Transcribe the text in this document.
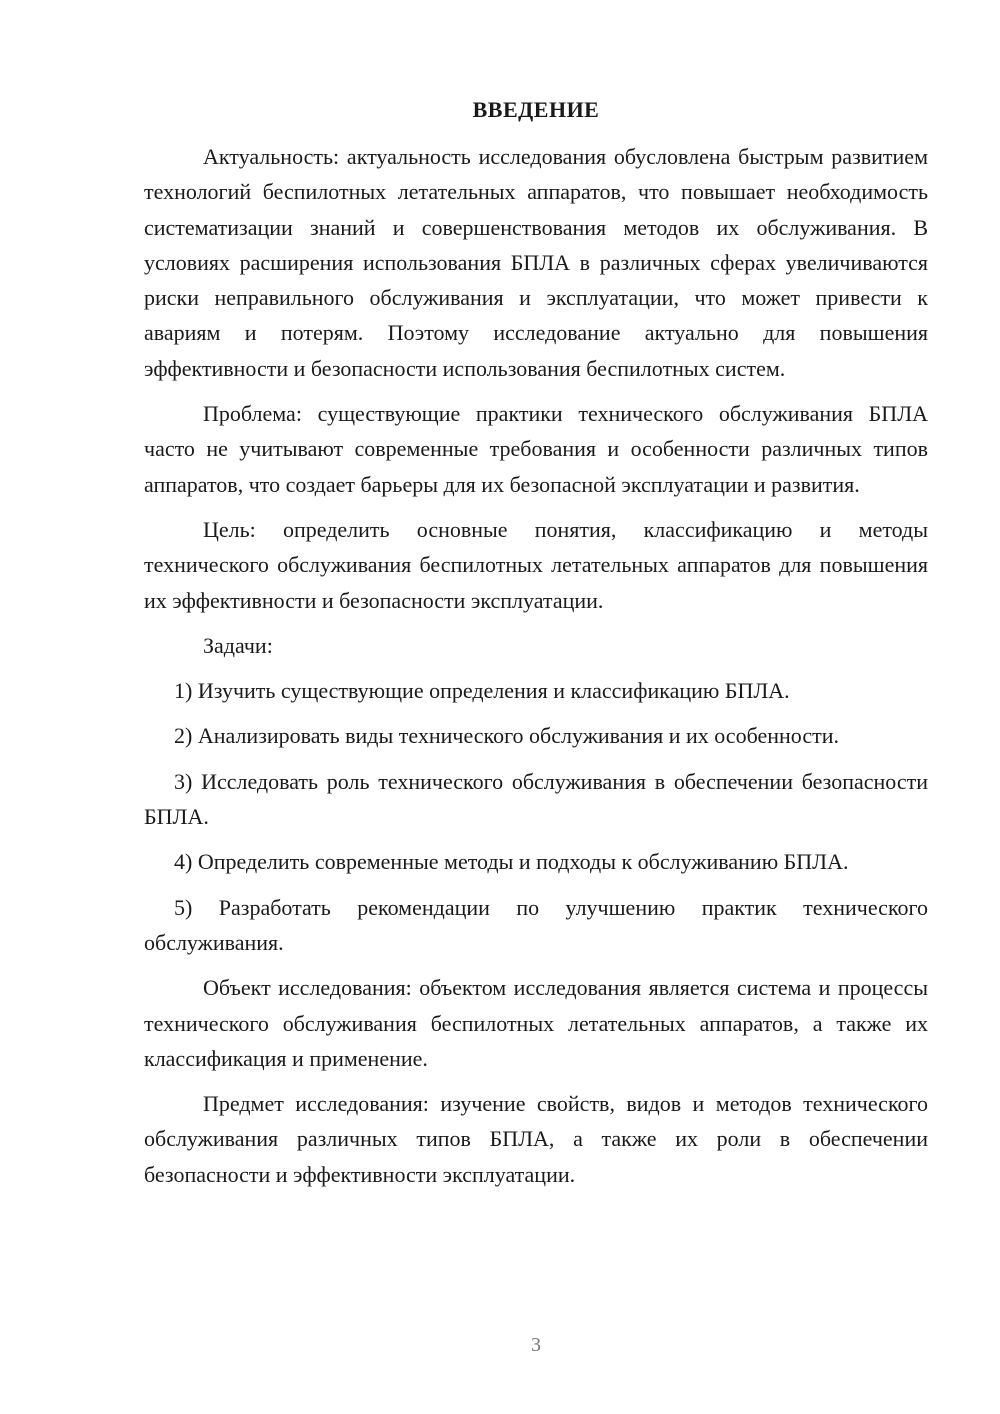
ВВЕДЕНИЕ

Актуальность: актуальность исследования обусловлена быстрым развитием технологий беспилотных летательных аппаратов, что повышает необходимость систематизации знаний и совершенствования методов их обслуживания. В условиях расширения использования БПЛА в различных сферах увеличиваются риски неправильного обслуживания и эксплуатации, что может привести к авариям и потерям. Поэтому исследование актуально для повышения эффективности и безопасности использования беспилотных систем.

Проблема: существующие практики технического обслуживания БПЛА часто не учитывают современные требования и особенности различных типов аппаратов, что создает барьеры для их безопасной эксплуатации и развития.

Цель: определить основные понятия, классификацию и методы технического обслуживания беспилотных летательных аппаратов для повышения их эффективности и безопасности эксплуатации.

Задачи:

1) Изучить существующие определения и классификацию БПЛА.

2) Анализировать виды технического обслуживания и их особенности.

3) Исследовать роль технического обслуживания в обеспечении безопасности БПЛА.

4) Определить современные методы и подходы к обслуживанию БПЛА.

5) Разработать рекомендации по улучшению практик технического обслуживания.

Объект исследования: объектом исследования является система и процессы технического обслуживания беспилотных летательных аппаратов, а также их классификация и применение.

Предмет исследования: изучение свойств, видов и методов технического обслуживания различных типов БПЛА, а также их роли в обеспечении безопасности и эффективности эксплуатации.

3
